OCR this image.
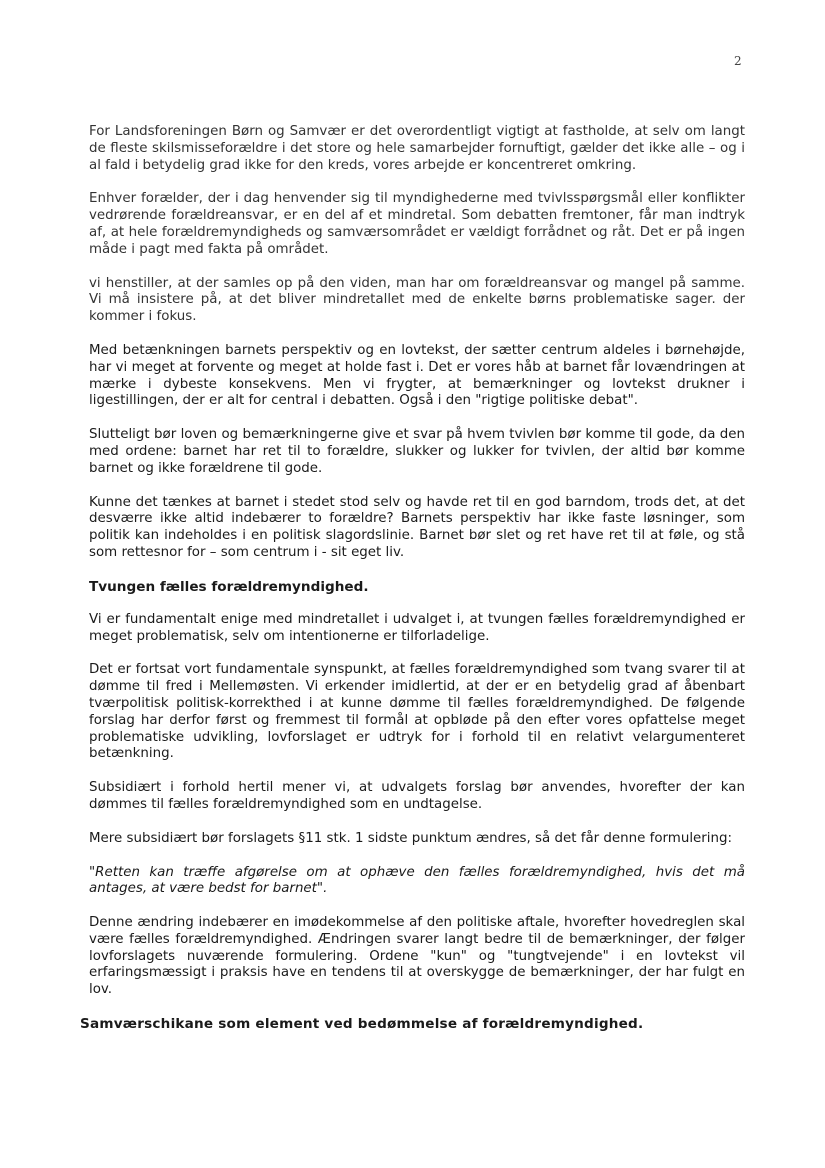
2

For Landsforeningen Børn og Samvær er det overordentligt vigtigt at fastholde, at selv om langt de fleste skilsmisseforældre i det store og hele samarbejder fornuftigt, gælder det ikke alle – og i al fald i betydelig grad ikke for den kreds, vores arbejde er koncentreret omkring.

Enhver forælder, der i dag henvender sig til myndighederne med tvivlsspørgsmål eller konflikter vedrørende forældreansvar, er en del af et mindretal. Som debatten fremtoner, får man indtryk af, at hele forældremyndigheds og samværsområdet er vældigt forrådnet og råt. Det er på ingen måde i pagt med fakta på området.

vi henstiller, at der samles op på den viden, man har om forældreansvar og mangel på samme. Vi må insistere på, at det bliver mindretallet med de enkelte børns problematiske sager. der kommer i fokus.

Med betænkningen barnets perspektiv og en lovtekst, der sætter centrum aldeles i børnehøjde, har vi meget at forvente og meget at holde fast i. Det er vores håb at barnet får lovændringen at mærke i dybeste konsekvens. Men vi frygter, at bemærkninger og lovtekst drukner i ligestillingen, der er alt for central i debatten. Også i den "rigtige politiske debat".

Slutteligt bør loven og bemærkningerne give et svar på hvem tvivlen bør komme til gode, da den med ordene: barnet har ret til to forældre, slukker og lukker for tvivlen, der altid bør komme barnet og ikke forældrene til gode.

Kunne det tænkes at barnet i stedet stod selv og havde ret til en god barndom, trods det, at det desværre ikke altid indebærer to forældre? Barnets perspektiv har ikke faste løsninger, som politik kan indeholdes i en politisk slagordslinie. Barnet bør slet og ret have ret til at føle, og stå som rettesnor for – som centrum i - sit eget liv.

Tvungen fælles forældremyndighed.

Vi er fundamentalt enige med mindretallet i udvalget i, at tvungen fælles forældremyndighed er meget problematisk, selv om intentionerne er tilforladelige.

Det er fortsat vort fundamentale synspunkt, at fælles forældremyndighed som tvang svarer til at dømme til fred i Mellemøsten. Vi erkender imidlertid, at der er en betydelig grad af åbenbart tværpolitisk politisk-korrekthed i at kunne dømme til fælles forældremyndighed. De følgende forslag har derfor først og fremmest til formål at opbløde på den efter vores opfattelse meget problematiske udvikling, lovforslaget er udtryk for i forhold til en relativt velargumenteret betænkning.

Subsidiært i forhold hertil mener vi, at udvalgets forslag bør anvendes, hvorefter der kan dømmes til fælles forældremyndighed som en undtagelse.

Mere subsidiært bør forslagets §11 stk. 1 sidste punktum ændres, så det får denne formulering:

"Retten kan træffe afgørelse om at ophæve den fælles forældremyndighed, hvis det må antages, at være bedst for barnet".

Denne ændring indebærer en imødekommelse af den politiske aftale, hvorefter hovedreglen skal være fælles forældremyndighed. Ændringen svarer langt bedre til de bemærkninger, der følger lovforslagets nuværende formulering. Ordene "kun" og "tungtvejende" i en lovtekst vil erfaringsmæssigt i praksis have en tendens til at overskygge de bemærkninger, der har fulgt en lov.

Samværschikane som element ved bedømmelse af forældremyndighed.
